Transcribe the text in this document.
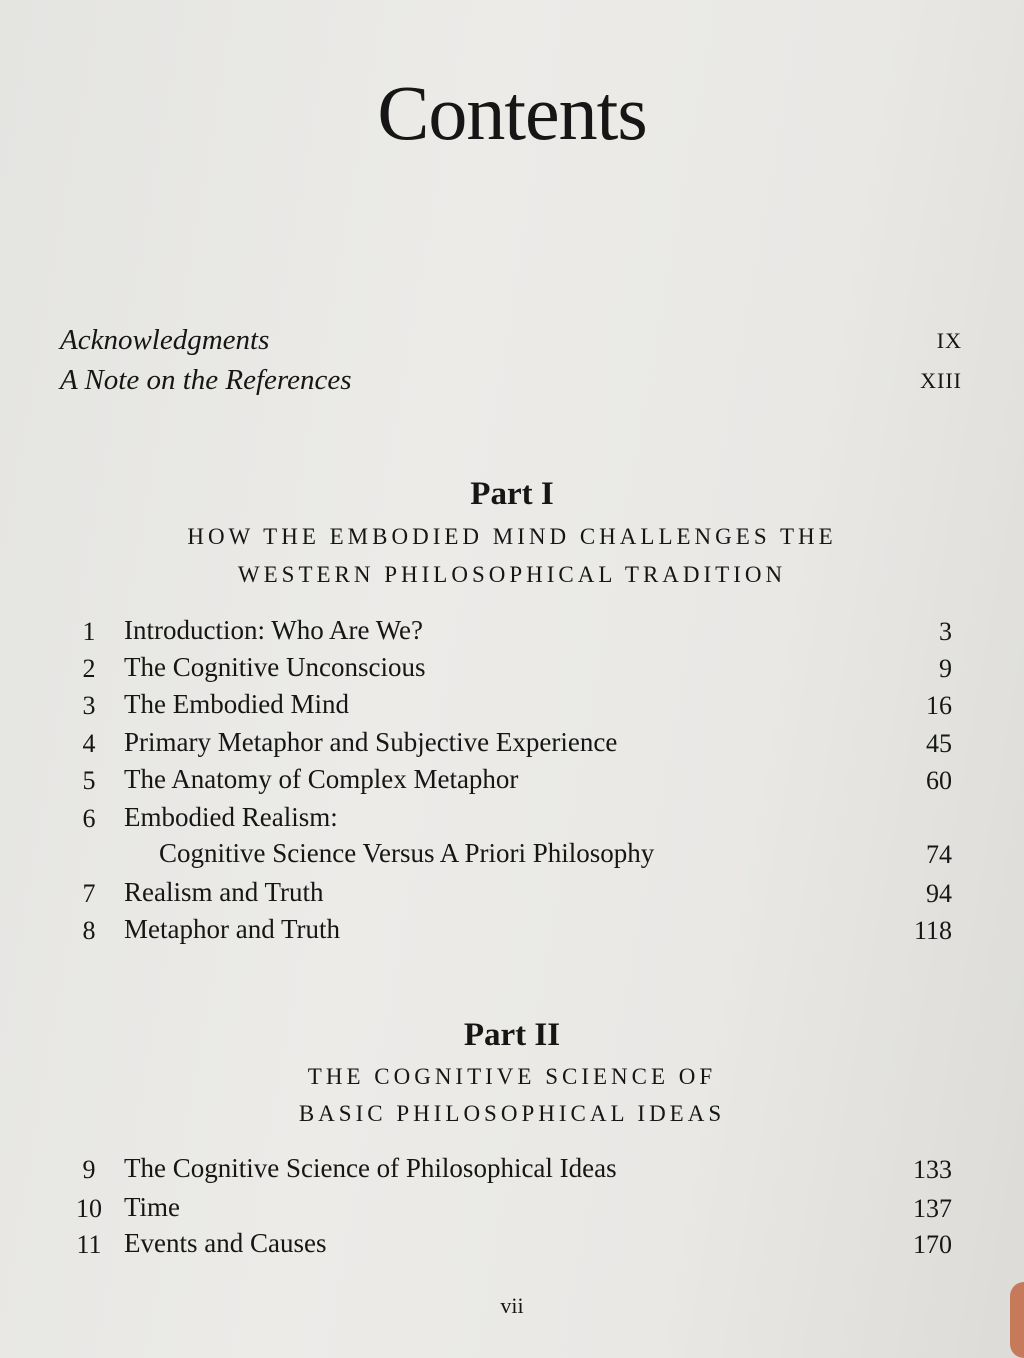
Contents
Acknowledgments	IX
A Note on the References	XIII
Part I
HOW THE EMBODIED MIND CHALLENGES THE
WESTERN PHILOSOPHICAL TRADITION
1	Introduction: Who Are We?	3
2	The Cognitive Unconscious	9
3	The Embodied Mind	16
4	Primary Metaphor and Subjective Experience	45
5	The Anatomy of Complex Metaphor	60
6	Embodied Realism:
Cognitive Science Versus A Priori Philosophy	74
7	Realism and Truth	94
8	Metaphor and Truth	118
Part II
THE COGNITIVE SCIENCE OF
BASIC PHILOSOPHICAL IDEAS
9	The Cognitive Science of Philosophical Ideas	133
10 Time	137
11 Events and Causes	170
vii
